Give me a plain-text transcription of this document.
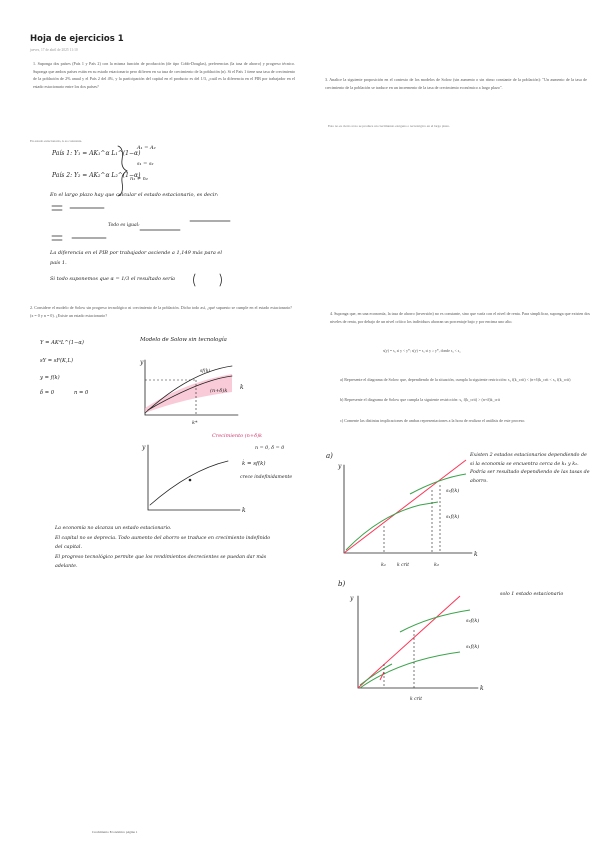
Hoja de ejercicios 1
jueves, 17 de abril de 2025 11:10
1. Suponga dos países (País 1 y País 2) con la misma función de producción (de tipo Cobb-Douglas), preferencias (la tasa de ahorro) y progreso técnico. Suponga que ambos países están en su estado estacionario pero difieren en su tasa de crecimiento de la población (n). Si el País 1 tiene una tasa de crecimiento de la población de 2% anual y el País 2 del 4%, y la participación del capital en el producto es del 1/3, ¿cuál es la diferencia en el PIB por trabajador en el estado estacionario entre los dos países?
En estado estacionario, k es constante.
País 1: Y₁ = AK₁^α L₁^(1−α)
País 2: Y₂ = AK₂^α L₂^(1−α)
A₁ = A₂
s₁ = s₂
n₁ ≠ n₂
En el largo plazo hay que calcular el estado estacionario, es decir:
Todo es igual:
La diferencia en el PIB por trabajador asciende a 1,149 más para el país 1.
Si todo suponemos que α = 1/3 el resultado sería
2. Considere el modelo de Solow sin progreso tecnológico ni crecimiento de la población. Dicho todo así, ¿qué supuesto se cumple en el estado estacionario? (x = 0 y n = 0). ¿Existe un estado estacionario?
Y = AKᵅL^(1−α)
sY = sF(K,L)
y = f(k)
δ = 0	n = 0
Modelo de Solow sin tecnología
Crecimiento (n+δ)k
n = 0, δ = 0
k̇ = sf(k)
crece indefinidamente
La economía no alcanza un estado estacionario.
El capital no se deprecia. Todo aumento del ahorro se traduce en crecimiento indefinido del capital.
El progreso tecnológico permite que los rendimientos decrecientes se puedan dar más adelante.
3. Analice la siguiente proposición en el contexto de los modelos de Solow (sin aumento o sin ritmo constante de la población): "Un aumento de la tasa de crecimiento de la población se traduce en un incremento de la tasa de crecimiento económico a largo plazo".
Esto no es cierto si no se produce un crecimiento exógeno o tecnológico en el largo plazo.
4. Suponga que, en una economía, la tasa de ahorro (inversión) no es constante, sino que varía con el nivel de renta. Para simplificar, suponga que existen dos niveles de renta, por debajo de un nivel crítico los individuos ahorran un porcentaje bajo y por encima uno alto.
s(y) = s₁ si y < y*; s(y) = s₂ si y ≥ y*, donde s₁ < s₂
a) Represente el diagrama de Solow que, dependiendo de la situación, cumpla la siguiente restricción: s₁ f(k_crit) < (n+δ)k_crit < s₂ f(k_crit)
b) Represente el diagrama de Solow que cumpla la siguiente restricción: s₁ f(k_crit) > (n+δ)k_crit
c) Comente las distintas implicaciones de ambas representaciones a la hora de realizar el análisis de este proceso.
Existen 2 estados estacionarios dependiendo de si la economía se encuentra cerca de k₁ y k₂. Podría ser resultado dependiendo de las tasas de ahorro.
solo 1 estado estacionario
Crecimiento Económico página 1
y
(n+δ)k k
k*
sf(k)
y
k
a)
y
s₂f(k)
s₁f(k)
k
k₁ k crit	k₂
b)
y
s₂f(k)
s₁f(k)
k
k crit
